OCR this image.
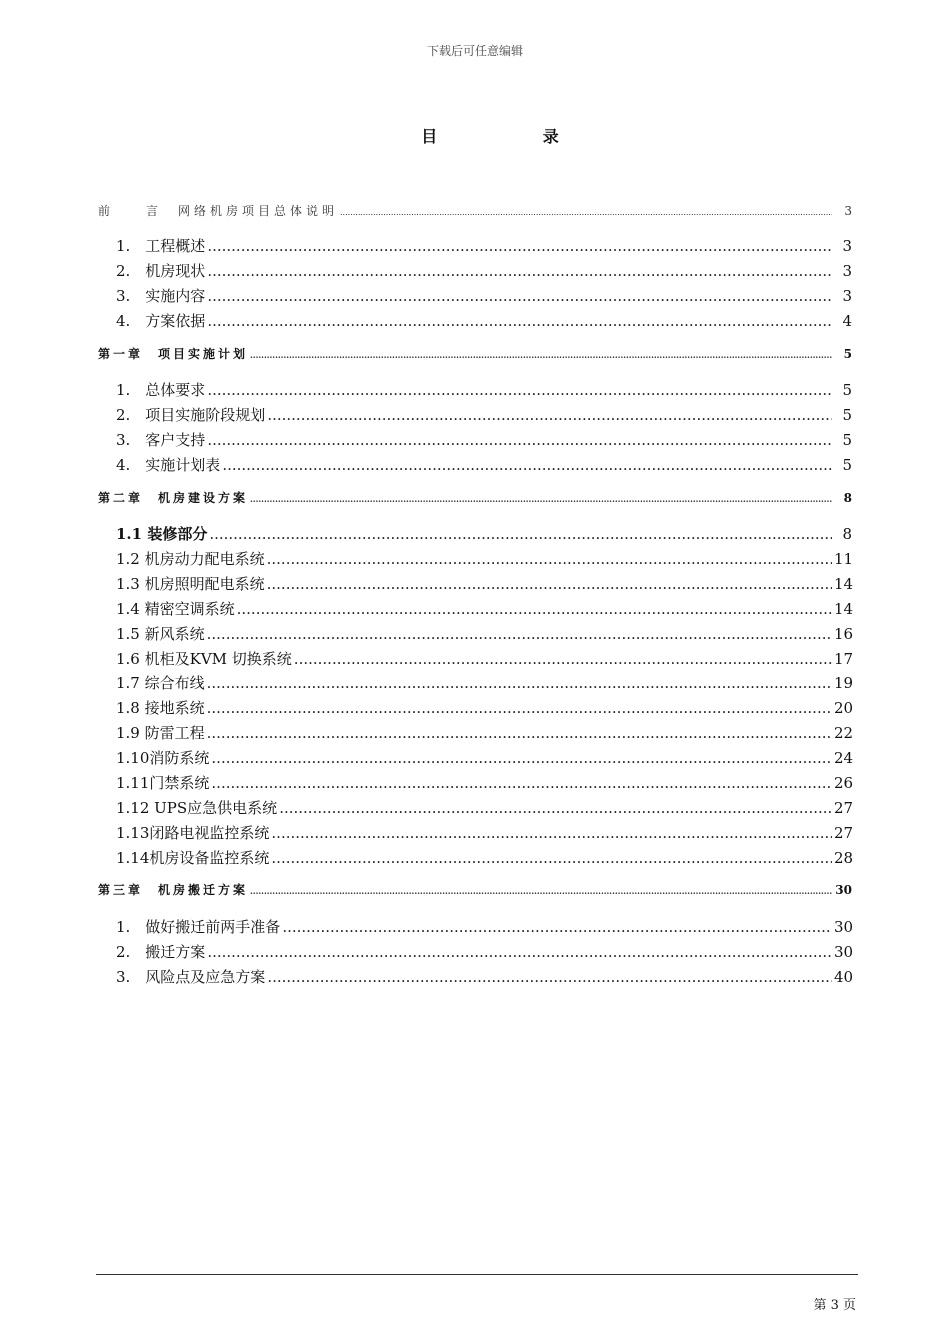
下载后可任意编辑
目 录
前　　言　网络机房项目总体说明 .....	3
1.　工程概述 .....	3
2.　机房现状 .....	3
3.　实施内容 .....	3
4.　方案依据 .....	4
第一章　项目实施计划 .....	5
1.　总体要求 .....	5
2.　项目实施阶段规划 .....	5
3.　客户支持 .....	5
4.　实施计划表 .....	5
第二章　机房建设方案 .....	8
1.1 装修部分 .....	8
1.2 机房动力配电系统 .....	11
1.3 机房照明配电系统 .....	14
1.4 精密空调系统 .....	14
1.5 新风系统 .....	16
1.6 机柜及KVM 切换系统 .....	17
1.7 综合布线 .....	19
1.8 接地系统 .....	20
1.9 防雷工程 .....	22
1.10消防系统 .....	24
1.11门禁系统 .....	26
1.12 UPS应急供电系统 .....	27
1.13闭路电视监控系统 .....	27
1.14机房设备监控系统 .....	28
第三章　机房搬迁方案 .....	30
1.　做好搬迁前两手准备 .....	30
2.　搬迁方案 .....	30
3.　风险点及应急方案 .....	40
第 3 页
